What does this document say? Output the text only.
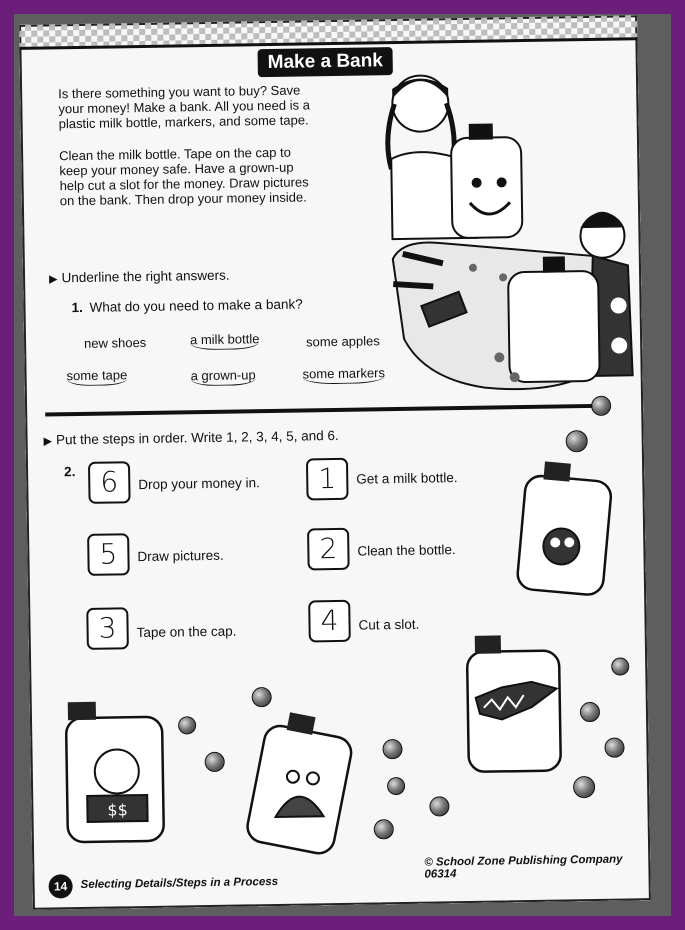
Make a Bank
Is there something you want to buy? Save
your money! Make a bank. All you need is a
plastic milk bottle, markers, and some tape.
Clean the milk bottle. Tape on the cap to
keep your money safe. Have a grown-up
help cut a slot for the money. Draw pictures
on the bank. Then drop your money inside.
▶ Underline the right answers.
1. What do you need to make a bank?
new shoes	a milk bottle	some apples
some tape	a grown-up	some markers
▶ Put the steps in order. Write 1, 2, 3, 4, 5, and 6.
2. 6	Drop your money in.	1	Get a milk bottle.
5	Draw pictures.	2	Clean the bottle.
3	Tape on the cap.	4	Cut a slot.
$$
14	Selecting Details/Steps in a Process
© School Zone Publishing Company 06314
